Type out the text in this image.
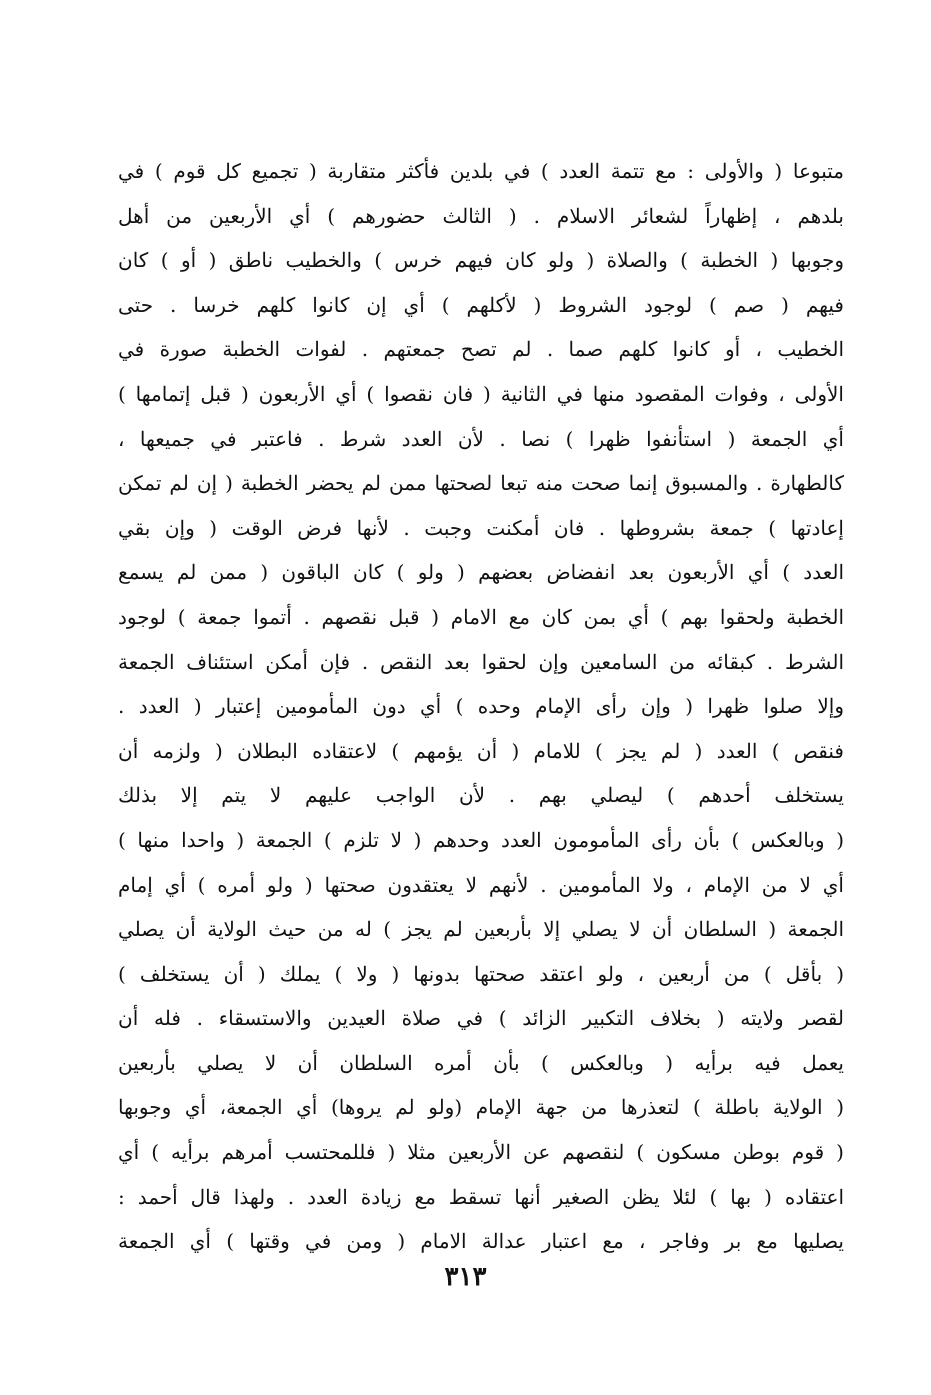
متبوعا ( والأولى : مع تتمة العدد ) في بلدين فأكثر متقاربة ( تجميع كل قوم ) في
بلدهم ، إظهاراً لشعائر الاسلام . ( الثالث حضورهم ) أي الأربعين من أهل
وجوبها ( الخطبة ) والصلاة ( ولو كان فيهم خرس ) والخطيب ناطق ( أو ) كان
فيهم ( صم ) لوجود الشروط ( لأكلهم ) أي إن كانوا كلهم خرسا . حتى
الخطيب ، أو كانوا كلهم صما . لم تصح جمعتهم . لفوات الخطبة صورة في
الأولى ، وفوات المقصود منها في الثانية ( فان نقصوا ) أي الأربعون ( قبل إتمامها )
أي الجمعة ( استأنفوا ظهرا ) نصا . لأن العدد شرط . فاعتبر في جميعها ،
كالطهارة . والمسبوق إنما صحت منه تبعا لصحتها ممن لم يحضر الخطبة ( إن لم تمكن
إعادتها ) جمعة بشروطها . فان أمكنت وجبت . لأنها فرض الوقت ( وإن بقي
العدد ) أي الأربعون بعد انفضاض بعضهم ( ولو ) كان الباقون ( ممن لم يسمع
الخطبة ولحقوا بهم ) أي بمن كان مع الامام ( قبل نقصهم . أتموا جمعة ) لوجود
الشرط . كبقائه من السامعين وإن لحقوا بعد النقص . فإن أمكن استئناف الجمعة
وإلا صلوا ظهرا ( وإن رأى الإمام وحده ) أي دون المأمومين إعتبار ( العدد .
فنقص ) العدد ( لم يجز ) للامام ( أن يؤمهم ) لاعتقاده البطلان ( ولزمه أن
يستخلف أحدهم ) ليصلي بهم . لأن الواجب عليهم لا يتم إلا بذلك
( وبالعكس ) بأن رأى المأمومون العدد وحدهم ( لا تلزم ) الجمعة ( واحدا منها )
أي لا من الإمام ، ولا المأمومين . لأنهم لا يعتقدون صحتها ( ولو أمره ) أي إمام
الجمعة ( السلطان أن لا يصلي إلا بأربعين لم يجز ) له من حيث الولاية أن يصلي
( بأقل ) من أربعين ، ولو اعتقد صحتها بدونها ( ولا ) يملك ( أن يستخلف )
لقصر ولايته ( بخلاف التكبير الزائد ) في صلاة العيدين والاستسقاء . فله أن
يعمل فيه برأيه ( وبالعكس ) بأن أمره السلطان أن لا يصلي بأربعين
( الولاية باطلة ) لتعذرها من جهة الإمام (ولو لم يروها) أي الجمعة، أي وجوبها
( قوم بوطن مسكون ) لنقصهم عن الأربعين مثلا ( فللمحتسب أمرهم برأيه ) أي
اعتقاده ( بها ) لئلا يظن الصغير أنها تسقط مع زيادة العدد . ولهذا قال أحمد :
يصليها مع بر وفاجر ، مع اعتبار عدالة الامام ( ومن في وقتها ) أي الجمعة
٣١٣
